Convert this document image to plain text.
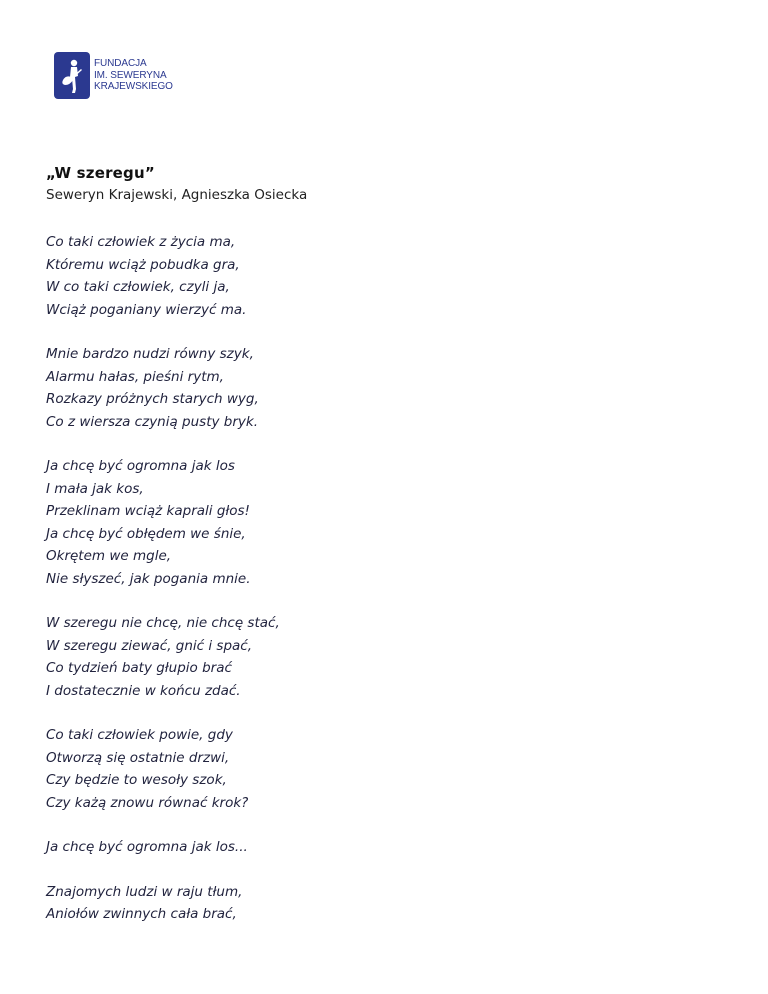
FUNDACJA
IM. SEWERYNA
KRAJEWSKIEGO
„W szeregu”

Seweryn Krajewski, Agnieszka Osiecka

Co taki człowiek z życia ma,
Któremu wciąż pobudka gra,
W co taki człowiek, czyli ja,
Wciąż poganiany wierzyć ma.
Mnie bardzo nudzi równy szyk,
Alarmu hałas, pieśni rytm,
Rozkazy próżnych starych wyg,
Co z wiersza czynią pusty bryk.
Ja chcę być ogromna jak los
I mała jak kos,
Przeklinam wciąż kaprali głos!
Ja chcę być obłędem we śnie,
Okrętem we mgle,
Nie słyszeć, jak pogania mnie.
W szeregu nie chcę, nie chcę stać,
W szeregu ziewać, gnić i spać,
Co tydzień baty głupio brać
I dostatecznie w końcu zdać.
Co taki człowiek powie, gdy
Otworzą się ostatnie drzwi,
Czy będzie to wesoły szok,
Czy każą znowu równać krok?
Ja chcę być ogromna jak los...
Znajomych ludzi w raju tłum,
Aniołów zwinnych cała brać,
